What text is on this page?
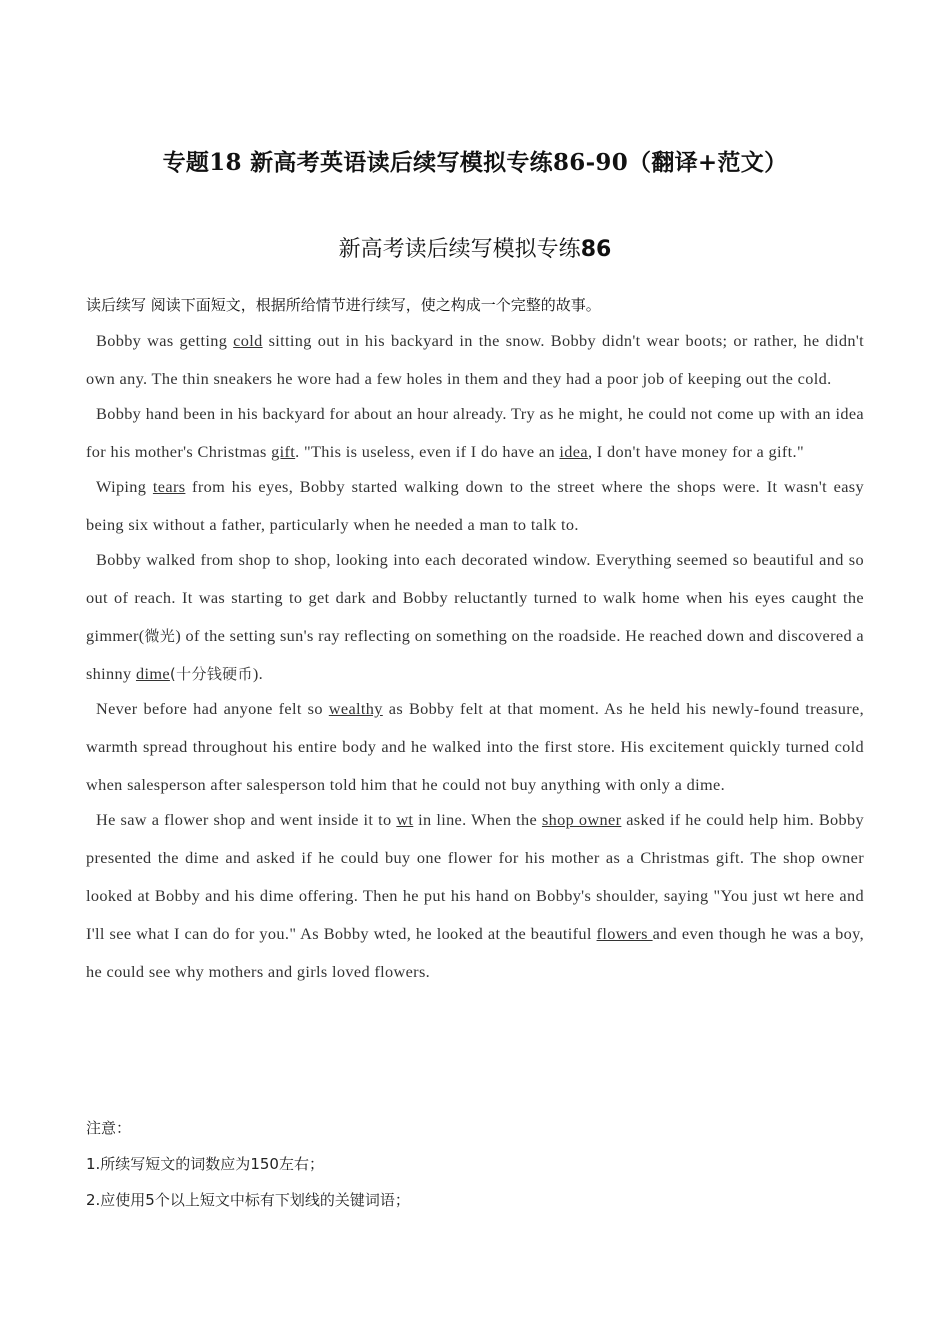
专题18 新高考英语读后续写模拟专练86-90（翻译+范文）
新高考读后续写模拟专练86
读后续写 阅读下面短文，根据所给情节进行续写，使之构成一个完整的故事。

Bobby was getting cold sitting out in his backyard in the snow. Bobby didn't wear boots; or rather, he didn't own any. The thin sneakers he wore had a few holes in them and they had a poor job of keeping out the cold.

Bobby hand been in his backyard for about an hour already. Try as he might, he could not come up with an idea for his mother's Christmas gift. "This is useless, even if I do have an idea, I don't have money for a gift."

Wiping tears from his eyes, Bobby started walking down to the street where the shops were. It wasn't easy being six without a father, particularly when he needed a man to talk to.

Bobby walked from shop to shop, looking into each decorated window. Everything seemed so beautiful and so out of reach. It was starting to get dark and Bobby reluctantly turned to walk home when his eyes caught the gimmer(微光) of the setting sun's ray reflecting on something on the roadside. He reached down and discovered a shinny dime(十分钱硬币).

Never before had anyone felt so wealthy as Bobby felt at that moment. As he held his newly-found treasure, warmth spread throughout his entire body and he walked into the first store. His excitement quickly turned cold when salesperson after salesperson told him that he could not buy anything with only a dime.

He saw a flower shop and went inside it to wt in line. When the shop owner asked if he could help him. Bobby presented the dime and asked if he could buy one flower for his mother as a Christmas gift. The shop owner looked at Bobby and his dime offering. Then he put his hand on Bobby's shoulder, saying "You just wt here and I'll see what I can do for you." As Bobby wted, he looked at the beautiful flowers and even though he was a boy, he could see why mothers and girls loved flowers.

注意：
1.所续写短文的词数应为150左右；
2.应使用5个以上短文中标有下划线的关键词语；
